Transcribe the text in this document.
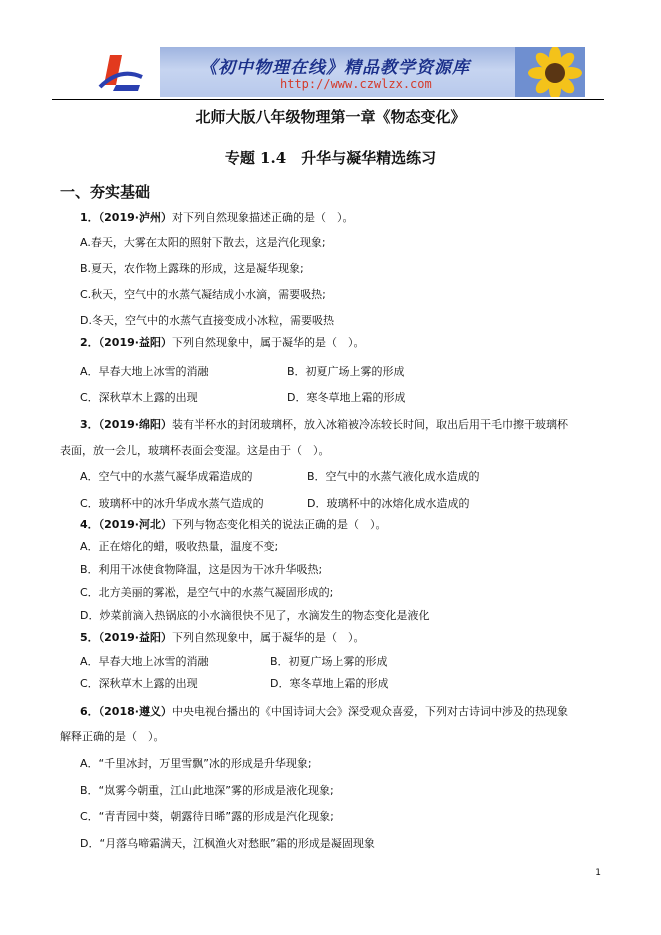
《初中物理在线》精品教学资源库
http://www.czwlzx.com
北师大版八年级物理第一章《物态变化》
专题 1.4　升华与凝华精选练习
一、夯实基础
1．（2019·泸州）对下列自然现象描述正确的是（　）。
A.春天，大雾在太阳的照射下散去，这是汽化现象;
B.夏天，农作物上露珠的形成，这是凝华现象;
C.秋天，空气中的水蒸气凝结成小水滴，需要吸热;
D.冬天，空气中的水蒸气直接变成小冰粒，需要吸热
2．（2019·益阳）下列自然现象中，属于凝华的是（　）。
A．早春大地上冰雪的消融	B．初夏广场上雾的形成
C．深秋草木上露的出现	D．寒冬草地上霜的形成
3．（2019·绵阳）装有半杯水的封闭玻璃杯，放入冰箱被冷冻较长时间，取出后用干毛巾擦干玻璃杯
表面，放一会儿，玻璃杯表面会变湿。这是由于（　）。
A．空气中的水蒸气凝华成霜造成的	B．空气中的水蒸气液化成水造成的
C．玻璃杯中的冰升华成水蒸气造成的	D．玻璃杯中的冰熔化成水造成的
4．（2019·河北）下列与物态变化相关的说法正确的是（　）。
A．正在熔化的蜡，吸收热量，温度不变;
B．利用干冰使食物降温，这是因为干冰升华吸热;
C．北方美丽的雾凇，是空气中的水蒸气凝固形成的;
D．炒菜前滴入热锅底的小水滴很快不见了，水滴发生的物态变化是液化
5．（2019·益阳）下列自然现象中，属于凝华的是（　）。
A．早春大地上冰雪的消融	B．初夏广场上雾的形成
C．深秋草木上露的出现	D．寒冬草地上霜的形成
6．（2018·遵义）中央电视台播出的《中国诗词大会》深受观众喜爱，下列对古诗词中涉及的热现象
解释正确的是（　）。
A．“千里冰封，万里雪飘”冰的形成是升华现象;
B．“岚雾今朝重，江山此地深”雾的形成是液化现象;
C．“青青园中葵，朝露待日晞”露的形成是汽化现象;
D．“月落乌啼霜满天，江枫渔火对愁眠”霜的形成是凝固现象
1
